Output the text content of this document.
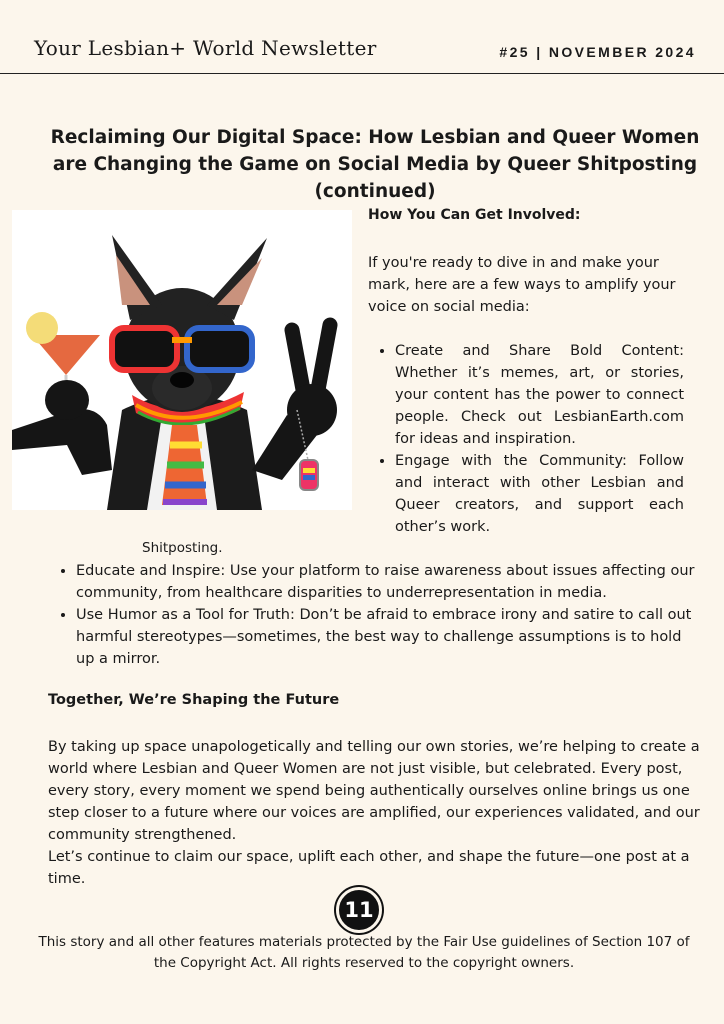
Your Lesbian+ World Newsletter	#25 | NOVEMBER 2024
Reclaiming Our Digital Space: How Lesbian and Queer Women are Changing the Game on Social Media by Queer Shitposting (continued)
Shitposting.
How You Can Get Involved:

If you're ready to dive in and make your mark, here are a few ways to amplify your voice on social media:

• Create and Share Bold Content: Whether it’s memes, art, or stories, your content has the power to connect people. Check out LesbianEarth.com for ideas and inspiration.
• Engage with the Community: Follow and interact with other Lesbian and Queer creators, and support each other’s work.
• Educate and Inspire: Use your platform to raise awareness about issues affecting our community, from healthcare disparities to underrepresentation in media.
• Use Humor as a Tool for Truth: Don’t be afraid to embrace irony and satire to call out harmful stereotypes—sometimes, the best way to challenge assumptions is to hold up a mirror.
Together, We’re Shaping the Future

By taking up space unapologetically and telling our own stories, we’re helping to create a world where Lesbian and Queer Women are not just visible, but celebrated. Every post, every story, every moment we spend being authentically ourselves online brings us one step closer to a future where our voices are amplified, our experiences validated, and our community strengthened.

Let’s continue to claim our space, uplift each other, and shape the future—one post at a time.

11
This story and all other features materials protected by the Fair Use guidelines of Section 107 of the Copyright Act. All rights reserved to the copyright owners.
